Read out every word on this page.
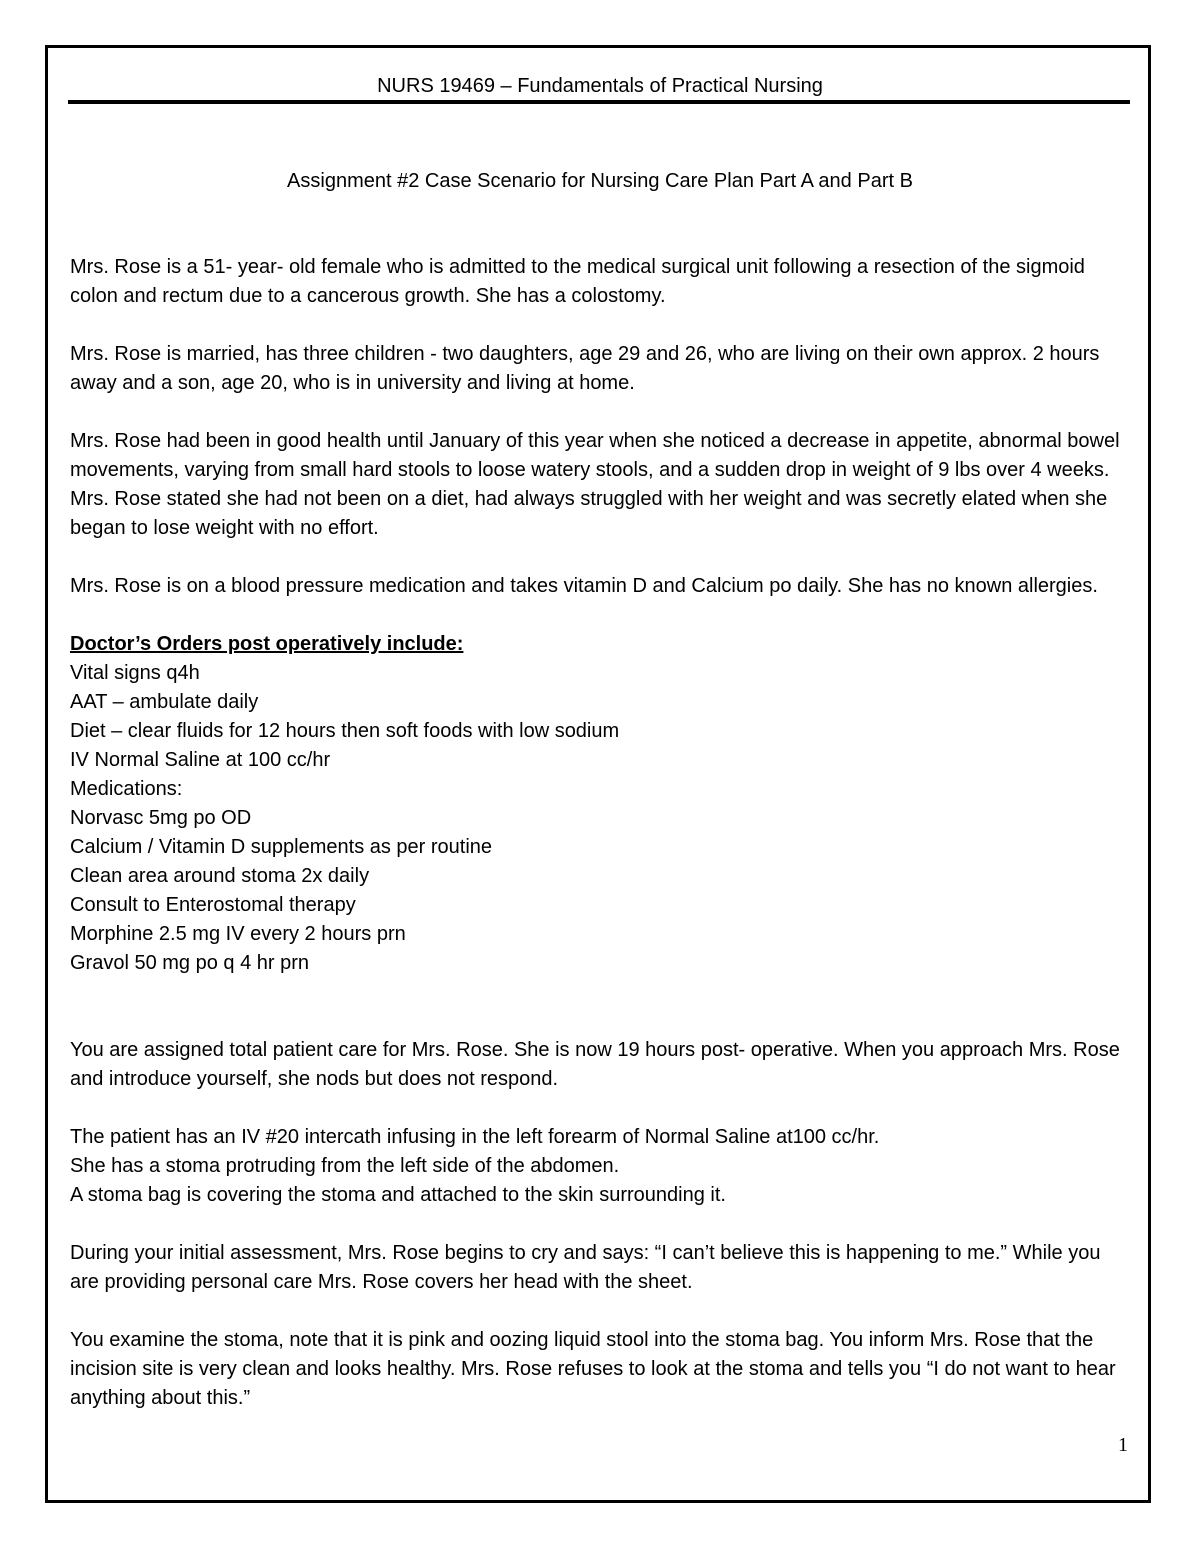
NURS 19469 – Fundamentals of Practical Nursing
Assignment #2 Case Scenario for Nursing Care Plan Part A and Part B

Mrs. Rose is a 51- year- old female who is admitted to the medical surgical unit following a resection of the sigmoid colon and rectum due to a cancerous growth. She has a colostomy.

Mrs. Rose is married, has three children - two daughters, age 29 and 26, who are living on their own approx. 2 hours away and a son, age 20, who is in university and living at home.

Mrs. Rose had been in good health until January of this year when she noticed a decrease in appetite, abnormal bowel movements, varying from small hard stools to loose watery stools, and a sudden drop in weight of 9 lbs over 4 weeks. Mrs. Rose stated she had not been on a diet, had always struggled with her weight and was secretly elated when she began to lose weight with no effort.

Mrs. Rose is on a blood pressure medication and takes vitamin D and Calcium po daily. She has no known allergies.

Doctor’s Orders post operatively include:

Vital signs q4h

AAT – ambulate daily

Diet – clear fluids for 12 hours then soft foods with low sodium

IV Normal Saline at 100 cc/hr

Medications:

Norvasc 5mg po OD

Calcium / Vitamin D supplements as per routine

Clean area around stoma 2x daily

Consult to Enterostomal therapy

Morphine 2.5 mg IV every 2 hours prn

Gravol 50 mg po q 4 hr prn

You are assigned total patient care for Mrs. Rose. She is now 19 hours post- operative. When you approach Mrs. Rose and introduce yourself, she nods but does not respond.

The patient has an IV #20 intercath infusing in the left forearm of Normal Saline at100 cc/hr.

She has a stoma protruding from the left side of the abdomen.

A stoma bag is covering the stoma and attached to the skin surrounding it.

During your initial assessment, Mrs. Rose begins to cry and says: “I can’t believe this is happening to me.” While you are providing personal care Mrs. Rose covers her head with the sheet.

You examine the stoma, note that it is pink and oozing liquid stool into the stoma bag. You inform Mrs. Rose that the incision site is very clean and looks healthy. Mrs. Rose refuses to look at the stoma and tells you “I do not want to hear anything about this.”

1
